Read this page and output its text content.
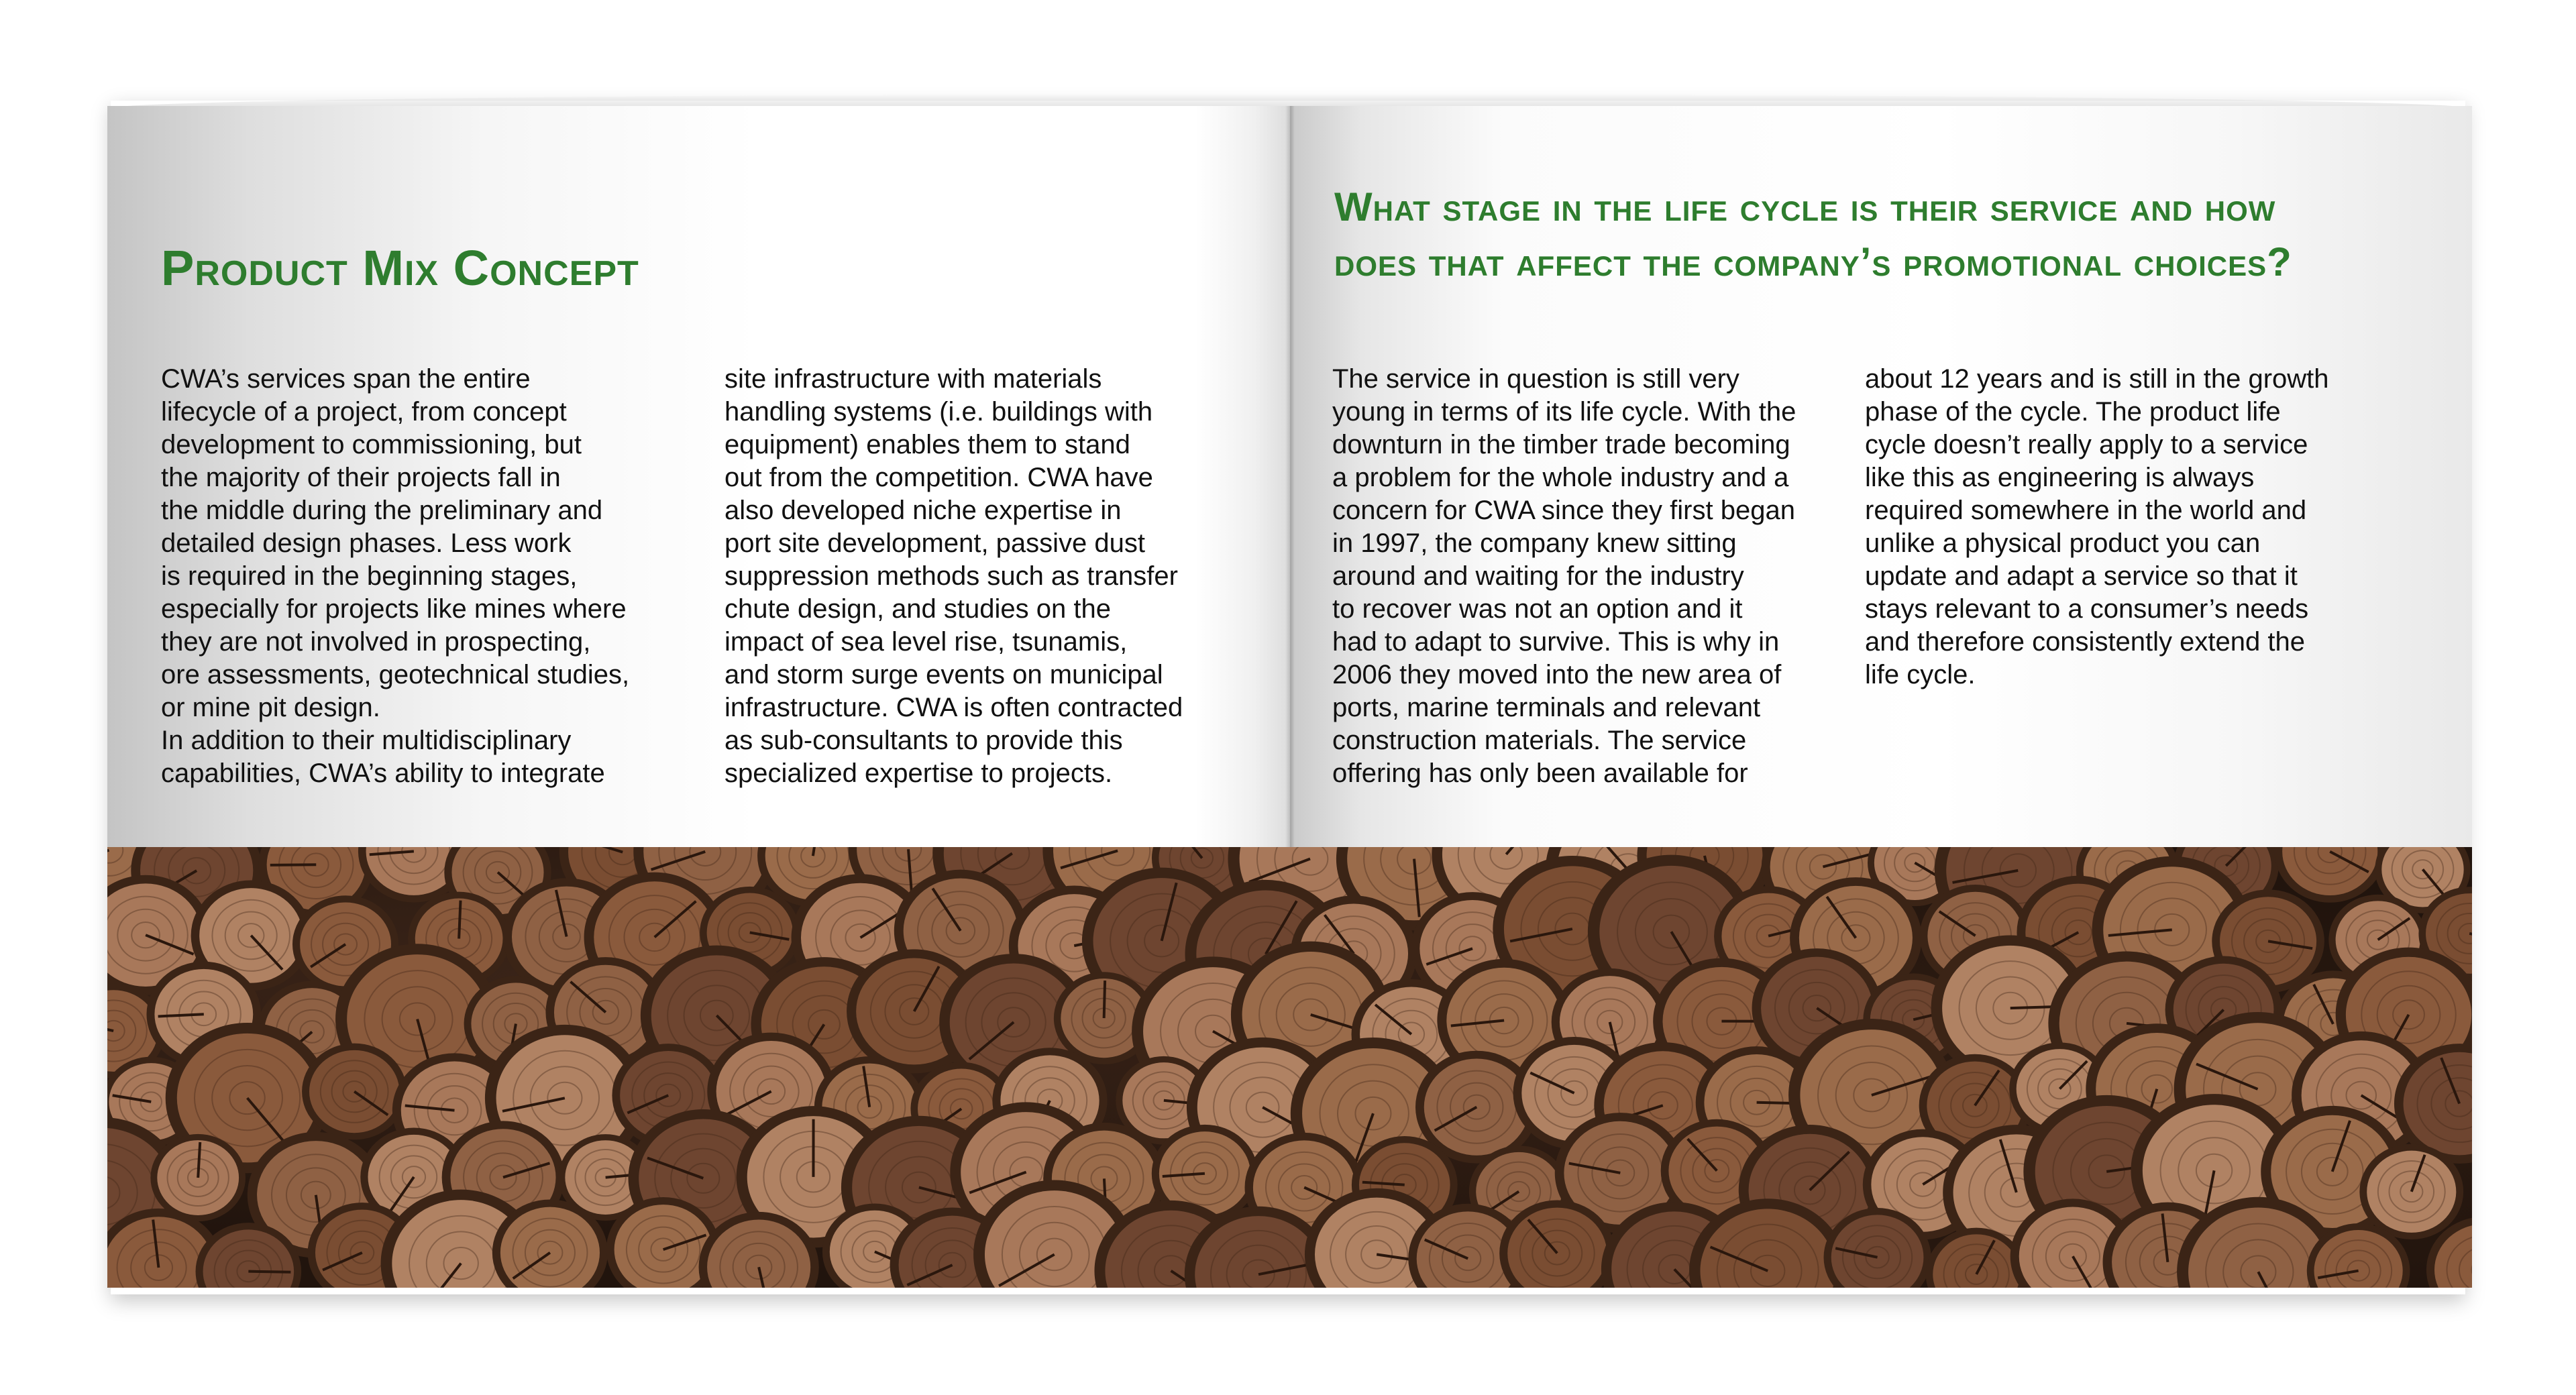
Product Mix Concept
CWA’s services span the entire
lifecycle of a project, from concept
development to commissioning, but
the majority of their projects fall in
the middle during the preliminary and
detailed design phases. Less work
is required in the beginning stages,
especially for projects like mines where
they are not involved in prospecting,
ore assessments, geotechnical studies,
or mine pit design.
In addition to their multidisciplinary
capabilities, CWA’s ability to integrate
site infrastructure with materials
handling systems (i.e. buildings with
equipment) enables them to stand
out from the competition. CWA have
also developed niche expertise in
port site development, passive dust
suppression methods such as transfer
chute design, and studies on the
impact of sea level rise, tsunamis,
and storm surge events on municipal
infrastructure. CWA is often contracted
as sub-consultants to provide this
specialized expertise to projects.
What stage in the life cycle is their service and how
does that affect the company’s promotional choices?
The service in question is still very
young in terms of its life cycle. With the
downturn in the timber trade becoming
a problem for the whole industry and a
concern for CWA since they first began
in 1997, the company knew sitting
around and waiting for the industry
to recover was not an option and it
had to adapt to survive. This is why in
2006 they moved into the new area of
ports, marine terminals and relevant
construction materials. The service
offering has only been available for
about 12 years and is still in the growth
phase of the cycle. The product life
cycle doesn’t really apply to a service
like this as engineering is always
required somewhere in the world and
unlike a physical product you can
update and adapt a service so that it
stays relevant to a consumer’s needs
and therefore consistently extend the
life cycle.
